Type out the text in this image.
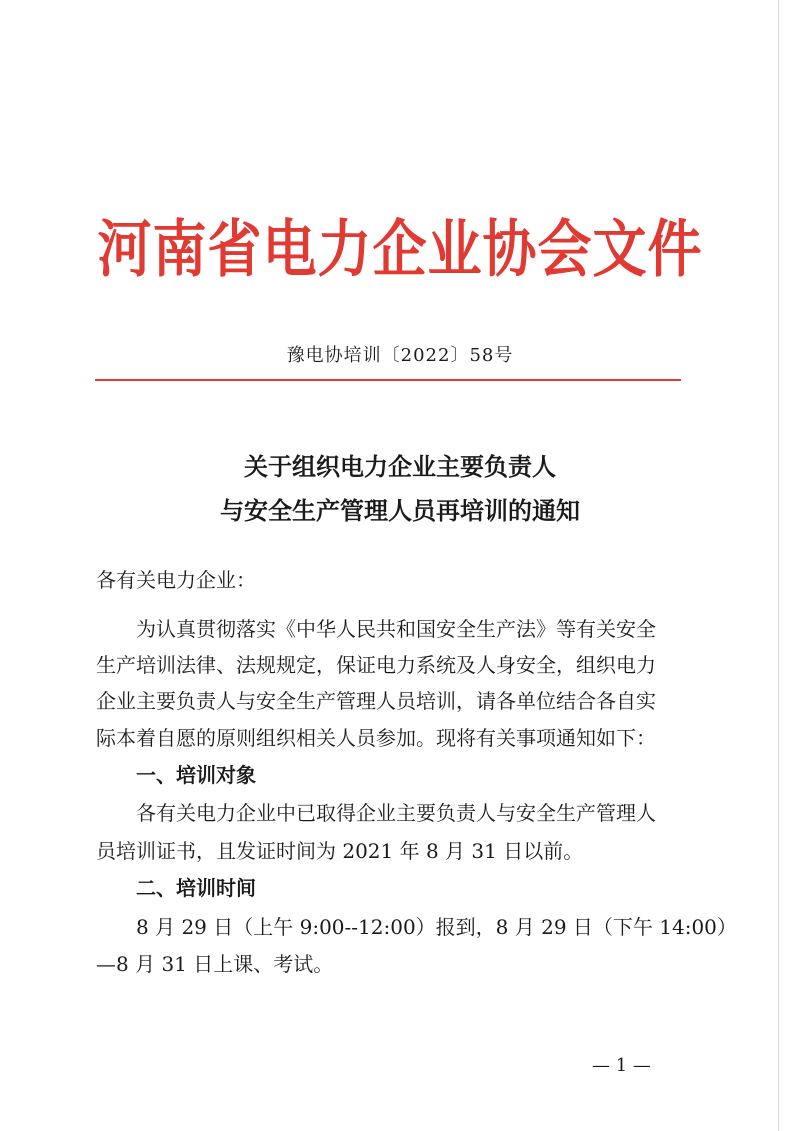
河南省电力企业协会文件
豫电协培训〔2022〕58号
关于组织电力企业主要负责人
与安全生产管理人员再培训的通知
各有关电力企业：
为认真贯彻落实《中华人民共和国安全生产法》等有关安全
生产培训法律、法规规定，保证电力系统及人身安全，组织电力
企业主要负责人与安全生产管理人员培训，请各单位结合各自实
际本着自愿的原则组织相关人员参加。现将有关事项通知如下：
一、培训对象
各有关电力企业中已取得企业主要负责人与安全生产管理人
员培训证书，且发证时间为 2021 年 8 月 31 日以前。
二、培训时间
8 月 29 日（上午 9:00--12:00）报到，8 月 29 日（下午 14:00）
—8 月 31 日上课、考试。
— 1 —
